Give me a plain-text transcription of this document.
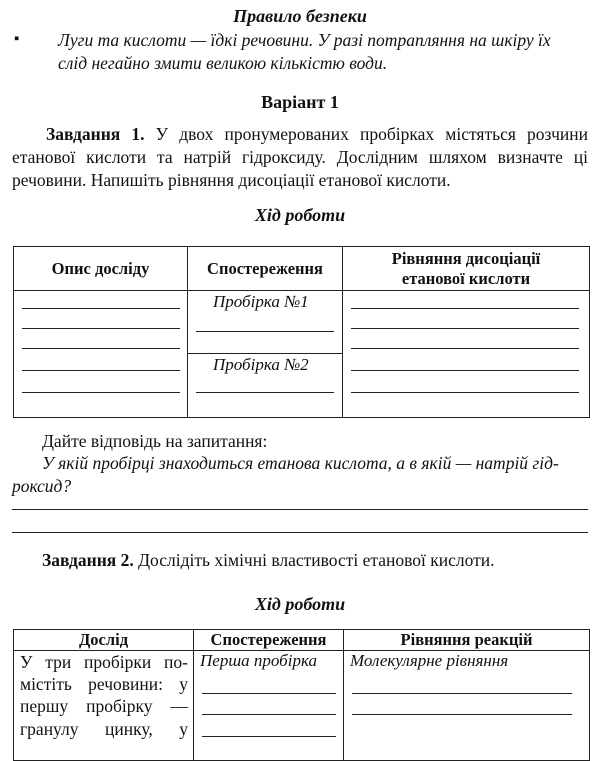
Правило безпеки
▪ Луги та кислоти — їдкі речовини. У разі потрапляння на шкіру їх
слід негайно змити великою кількістю води.
Варіант 1
Завдання 1. У двох пронумерованих пробірках містяться розчини
етанової кислоти та натрій гідроксиду. Дослідним шляхом визначте ці
речовини. Напишіть рівняння дисоціації етанової кислоти.
Хід роботи
Опис досліду	Спостереження	Рівняння дисоціації
етанової кислоти

	Пробірка №1	

	Пробірка №2	
Дайте відповідь на запитання:
У якій пробірці знаходиться етанова кислота, а в якій — натрій гід-
роксид?
Завдання 2. Дослідіть хімічні властивості етанової кислоти.
Хід роботи
Дослід	Спостереження	Рівняння реакцій

У три пробірки по-
містіть речовини: у
першу пробірку —
гранулу цинку, у	Перша пробірка	Молекулярне рівняння
